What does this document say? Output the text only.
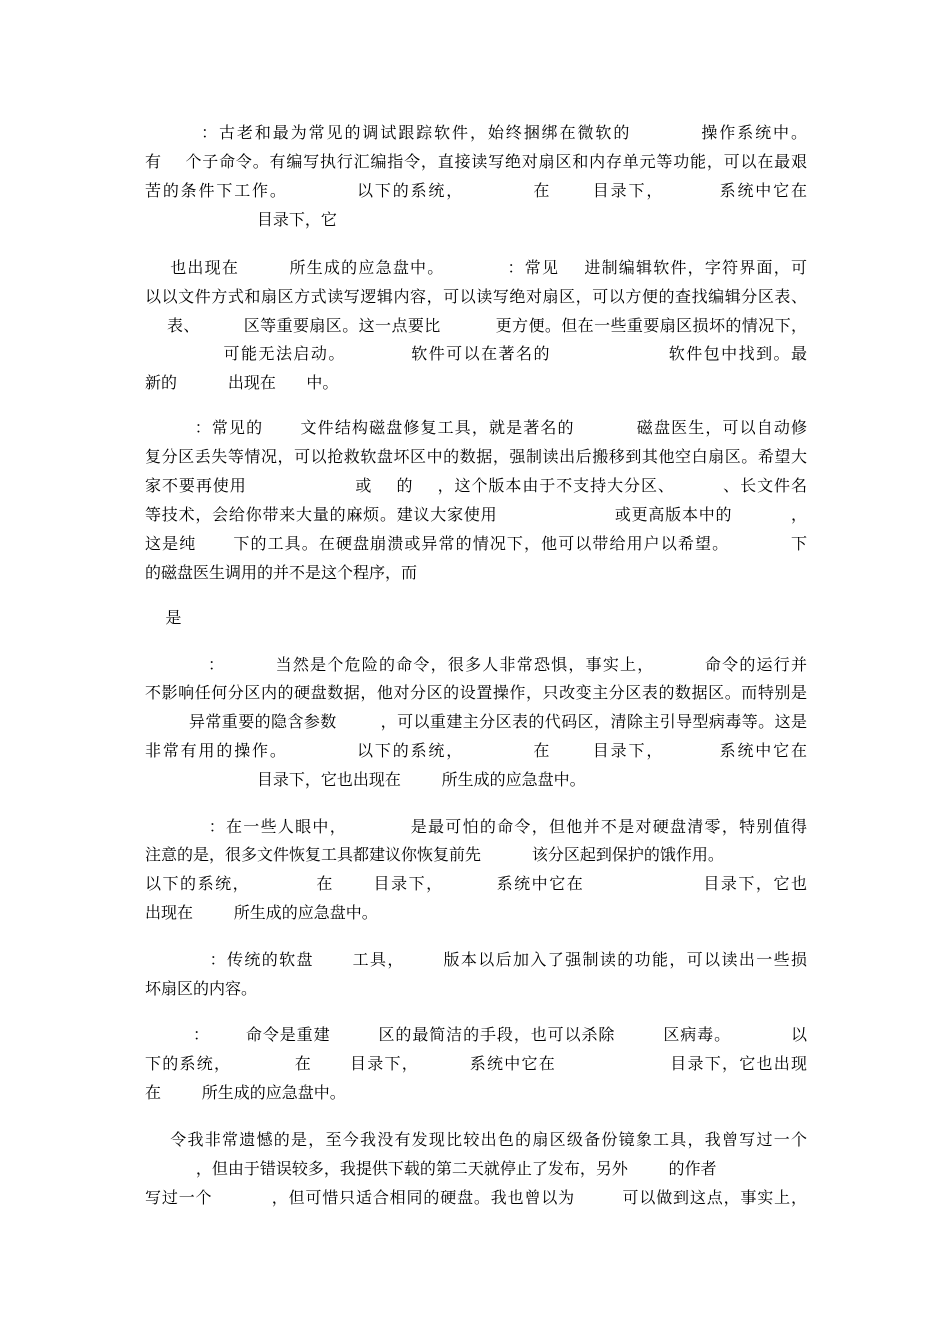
：古老和最为常见的调试跟踪软件，始终捆绑在微软的          操作系统中。
有    个子命令。有编写执行汇编指令，直接读写绝对扇区和内存单元等功能，可以在最艰
苦的条件下工作。          以下的系统，          在      目录下，        系统中它在
目录下，它
也出现在        所生成的应急盘中。          ：常见    进制编辑软件，字符界面，可
以以文件方式和扇区方式读写逻辑内容，可以读写绝对扇区，可以方便的查找编辑分区表、
表、        区等重要扇区。这一点要比          更方便。但在一些重要扇区损坏的情况下，
可能无法启动。          软件可以在著名的                  软件包中找到。最
新的          出现在      中。
：常见的      文件结构磁盘修复工具，就是著名的          磁盘医生，可以自动修
复分区丢失等情况，可以抢救软盘坏区中的数据，强制读出后搬移到其他空白扇区。希望大
家不要再使用                  或    的    ，这个版本由于不支持大分区、        、长文件名
等技术，会给你带来大量的麻烦。建议大家使用                    或更高版本中的          ，
这是纯      下的工具。在硬盘崩溃或异常的情况下，他可以带给用户以希望。          下
的磁盘医生调用的并不是这个程序，而
是
：        当然是个危险的命令，很多人非常恐惧，事实上，        命令的运行并
不影响任何分区内的硬盘数据，他对分区的设置操作，只改变主分区表的数据区。而特别是
异常重要的隐含参数        ，可以重建主分区表的代码区，清除主引导型病毒等。这是
非常有用的操作。          以下的系统，          在      目录下，        系统中它在
目录下，它也出现在        所生成的应急盘中。
：在一些人眼中，          是最可怕的命令，但他并不是对硬盘清零，特别值得
注意的是，很多文件恢复工具都建议你恢复前先          该分区起到保护的饿作用。
以下的系统，          在      目录下，        系统中它在                  目录下，它也
出现在        所生成的应急盘中。
：传统的软盘      工具，      版本以后加入了强制读的功能，可以读出一些损
坏扇区的内容。
：      命令是重建        区的最简洁的手段，也可以杀除        区病毒。          以
下的系统，          在      目录下，        系统中它在                  目录下，它也出现
在        所生成的应急盘中。
令我非常遗憾的是，至今我没有发现比较出色的扇区级备份镜象工具，我曾写过一个
，但由于错误较多，我提供下载的第二天就停止了发布，另外        的作者
写过一个          ，但可惜只适合相同的硬盘。我也曾以为        可以做到这点，事实上，
